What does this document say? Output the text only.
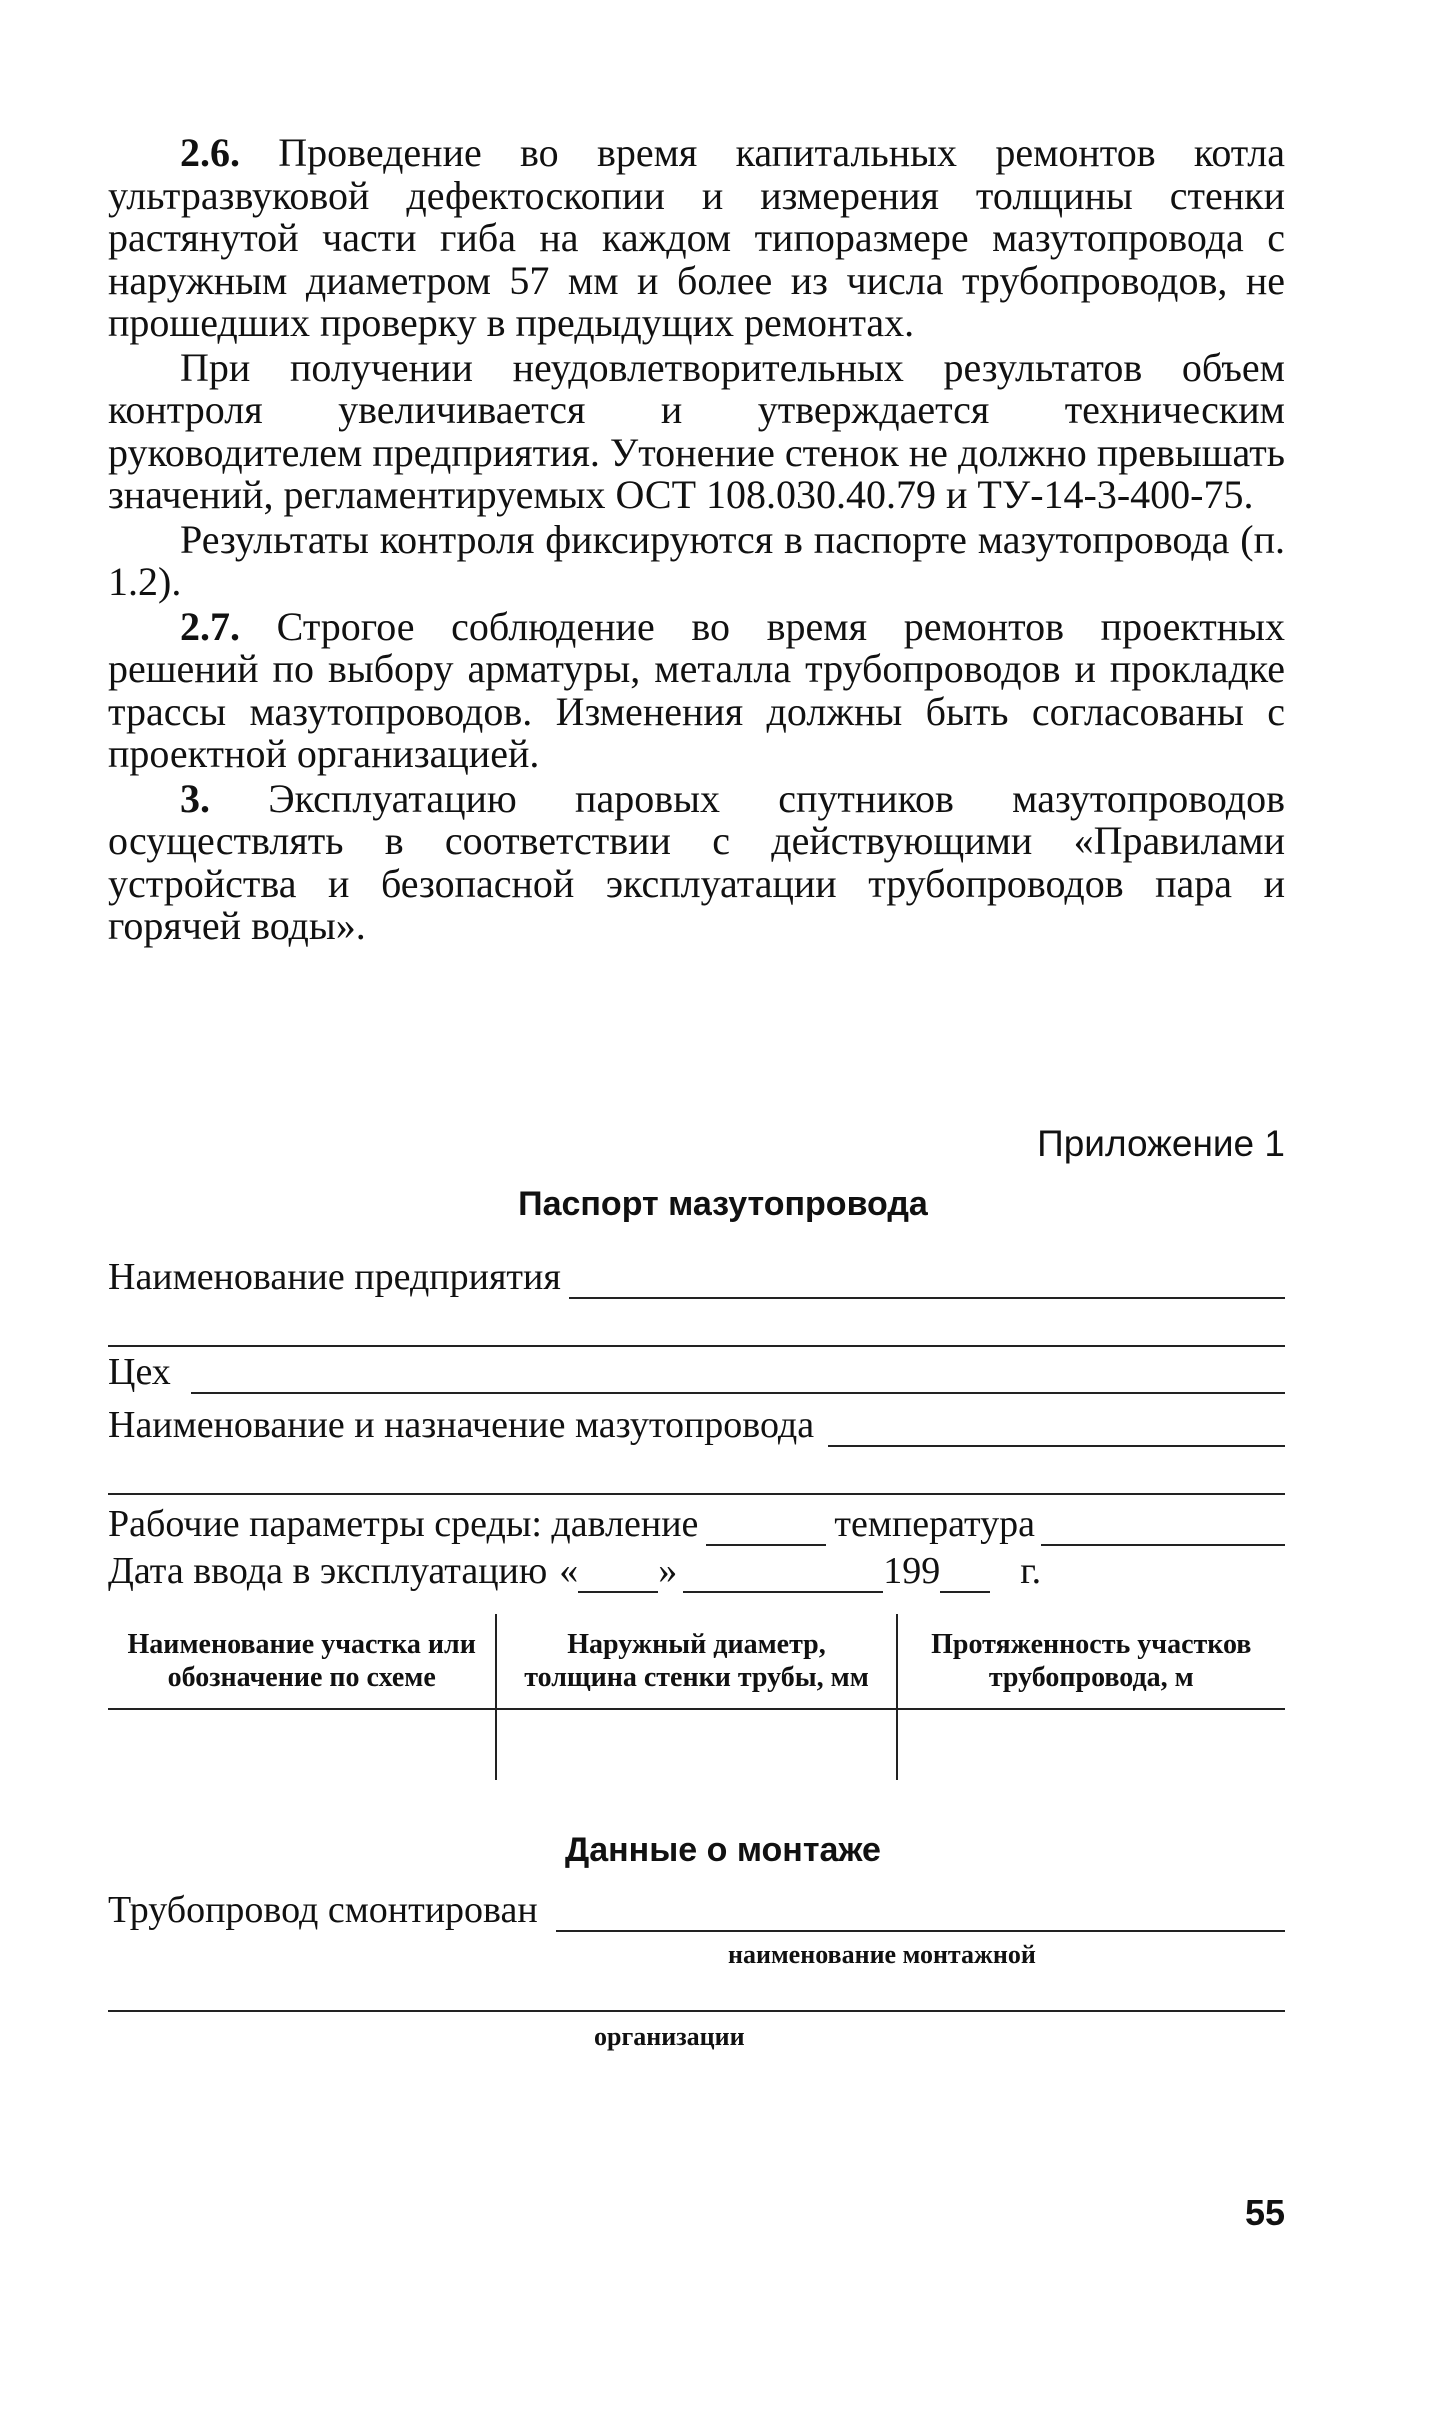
2.6. Проведение во время капитальных ремонтов котла ультразвуковой дефектоскопии и измерения толщины стенки растянутой части гиба на каждом типоразмере мазутопровода с наружным диаметром 57 мм и более из числа трубопроводов, не прошедших проверку в предыдущих ремонтах.

При получении неудовлетворительных результатов объем контроля увеличивается и утверждается техническим руководителем предприятия. Утонение стенок не должно превышать значений, регламентируемых ОСТ 108.030.40.79 и ТУ-14-3-400-75.

Результаты контроля фиксируются в паспорте мазутопровода (п. 1.2).

2.7. Строгое соблюдение во время ремонтов проектных решений по выбору арматуры, металла трубопроводов и прокладке трассы мазутопроводов. Изменения должны быть согласованы с проектной организацией.

3. Эксплуатацию паровых спутников мазутопроводов осуществлять в соответствии с действующими «Правилами устройства и безопасной эксплуатации трубопроводов пара и горячей воды».

Приложение 1
Паспорт мазутопровода
Наименование предприятия
Цех
Наименование и назначение мазутопровода
Рабочие параметры среды: давление	температура
Дата ввода в эксплуатацию « »	199 г.
Наименование участка или обозначение по схеме	Наружный диаметр, толщина стенки трубы, мм	Протяженность участков трубопровода, м

Данные о монтаже
Трубопровод смонтирован
наименование монтажной
организации
55
